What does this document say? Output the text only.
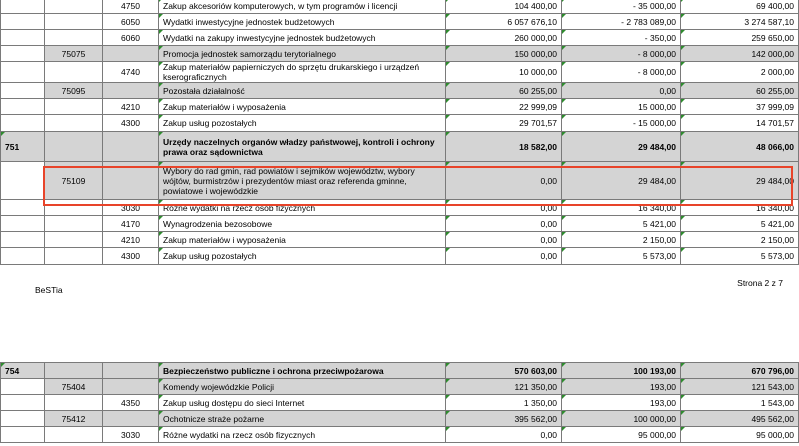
		4750	Zakup akcesoriów komputerowych, w tym programów i licencji	104 400,00	- 35 000,00	69 400,00
		6050	Wydatki inwestycyjne jednostek budżetowych	6 057 676,10	- 2 783 089,00	3 274 587,10
		6060	Wydatki na zakupy inwestycyjne jednostek budżetowych	260 000,00	- 350,00	259 650,00
	75075		Promocja jednostek samorządu terytorialnego	150 000,00	- 8 000,00	142 000,00
		4740	Zakup materiałów papierniczych do sprzętu drukarskiego i urządzeń kserograficznych	10 000,00	- 8 000,00	2 000,00
	75095		Pozostała działalność	60 255,00	0,00	60 255,00
		4210	Zakup materiałów i wyposażenia	22 999,09	15 000,00	37 999,09
		4300	Zakup usług pozostałych	29 701,57	- 15 000,00	14 701,57
751			Urzędy naczelnych organów władzy państwowej, kontroli i ochrony prawa oraz sądownictwa	18 582,00	29 484,00	48 066,00
	75109		Wybory do rad gmin, rad powiatów i sejmików województw, wybory wójtów, burmistrzów i prezydentów miast oraz referenda gminne, powiatowe i wojewódzkie	0,00	29 484,00	29 484,00
		3030	Różne wydatki na rzecz osób fizycznych	0,00	16 340,00	16 340,00
		4170	Wynagrodzenia bezosobowe	0,00	5 421,00	5 421,00
		4210	Zakup materiałów i wyposażenia	0,00	2 150,00	2 150,00
		4300	Zakup usług pozostałych	0,00	5 573,00	5 573,00
BeSTia
Strona 2 z 7
754			Bezpieczeństwo publiczne i ochrona przeciwpożarowa	570 603,00	100 193,00	670 796,00
	75404		Komendy wojewódzkie Policji	121 350,00	193,00	121 543,00
		4350	Zakup usług dostępu do sieci Internet	1 350,00	193,00	1 543,00
	75412		Ochotnicze straże pożarne	395 562,00	100 000,00	495 562,00
		3030	Różne wydatki na rzecz osób fizycznych	0,00	95 000,00	95 000,00
